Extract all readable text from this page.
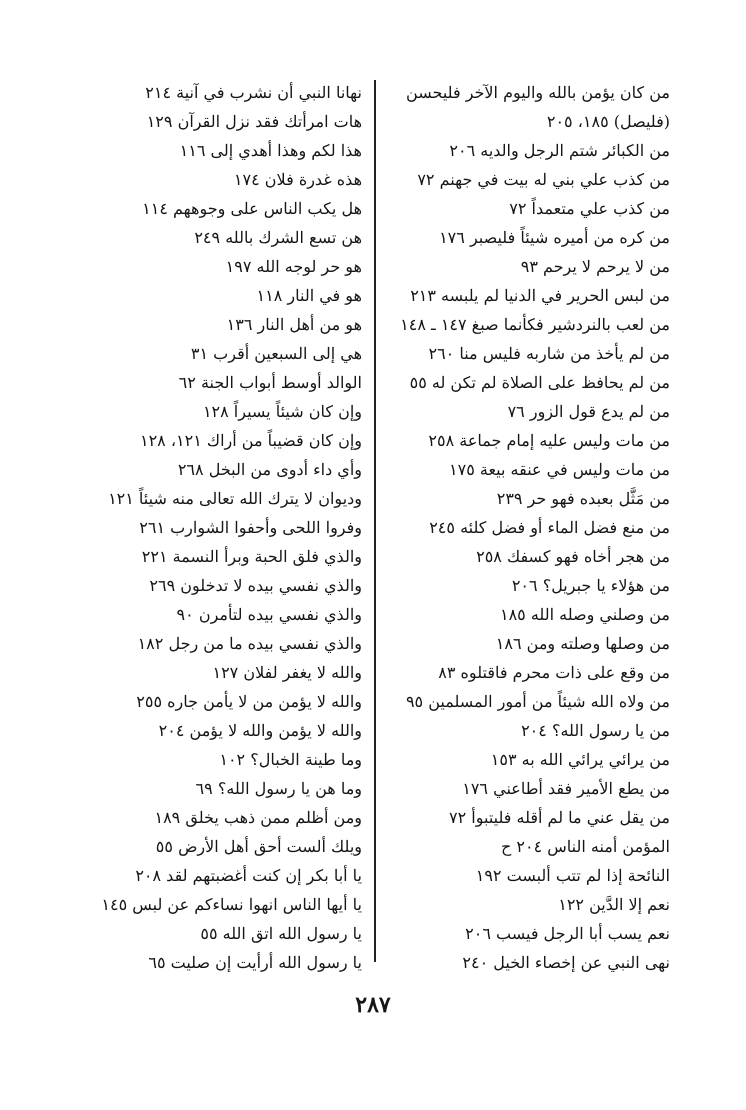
من كان يؤمن بالله واليوم الآخر فليحسن
(فليصل) ١٨٥، ٢٠٥
من الكبائر شتم الرجل والديه ٢٠٦
من كذب علي بني له بيت في جهنم ٧٢
من كذب علي متعمداً ٧٢
من كره من أميره شيئاً فليصبر ١٧٦
من لا يرحم لا يرحم ٩٣
من لبس الحرير في الدنيا لم يلبسه ٢١٣
من لعب بالنردشير فكأنما صبغ ١٤٧ ـ ١٤٨
من لم يأخذ من شاربه فليس منا ٢٦٠
من لم يحافظ على الصلاة لم تكن له ٥٥
من لم يدع قول الزور ٧٦
من مات وليس عليه إمام جماعة ٢٥٨
من مات وليس في عنقه بيعة ١٧٥
من مَثَّل بعبده فهو حر ٢٣٩
من منع فضل الماء أو فضل كلئه ٢٤٥
من هجر أخاه فهو كسفك ٢٥٨
من هؤلاء يا جبريل؟ ٢٠٦
من وصلني وصله الله ١٨٥
من وصلها وصلته ومن ١٨٦
من وقع على ذات محرم فاقتلوه ٨٣
من ولاه الله شيئاً من أمور المسلمين ٩٥
من يا رسول الله؟ ٢٠٤
من يرائي يرائي الله به ١٥٣
من يطع الأمير فقد أطاعني ١٧٦
من يقل عني ما لم أقله فليتبوأ ٧٢
المؤمن أمنه الناس ٢٠٤ ح
النائحة إذا لم تتب ألبست ١٩٢
نعم إلا الدَّين ١٢٢
نعم يسب أبا الرجل فيسب ٢٠٦
نهى النبي عن إخصاء الخيل ٢٤٠
نهانا النبي أن نشرب في آنية ٢١٤
هات امرأتك فقد نزل القرآن ١٢٩
هذا لكم وهذا أهدي إلى ١١٦
هذه غدرة فلان ١٧٤
هل يكب الناس على وجوههم ١١٤
هن تسع الشرك بالله ٢٤٩
هو حر لوجه الله ١٩٧
هو في النار ١١٨
هو من أهل النار ١٣٦
هي إلى السبعين أقرب ٣١
الوالد أوسط أبواب الجنة ٦٢
وإن كان شيئاً يسيراً ١٢٨
وإن كان قضيباً من أراك ١٢١، ١٢٨
وأي داء أدوى من البخل ٢٦٨
وديوان لا يترك الله تعالى منه شيئاً ١٢١
وفروا اللحى وأحفوا الشوارب ٢٦١
والذي فلق الحبة وبرأ النسمة ٢٢١
والذي نفسي بيده لا تدخلون ٢٦٩
والذي نفسي بيده لتأمرن ٩٠
والذي نفسي بيده ما من رجل ١٨٢
والله لا يغفر لفلان ١٢٧
والله لا يؤمن من لا يأمن جاره ٢٥٥
والله لا يؤمن والله لا يؤمن ٢٠٤
وما طينة الخبال؟ ١٠٢
وما هن يا رسول الله؟ ٦٩
ومن أظلم ممن ذهب يخلق ١٨٩
ويلك ألست أحق أهل الأرض ٥٥
يا أبا بكر إن كنت أغضبتهم لقد ٢٠٨
يا أيها الناس انهوا نساءكم عن لبس ١٤٥
يا رسول الله اتق الله ٥٥
يا رسول الله أرأيت إن صليت ٦٥
٢٨٧
